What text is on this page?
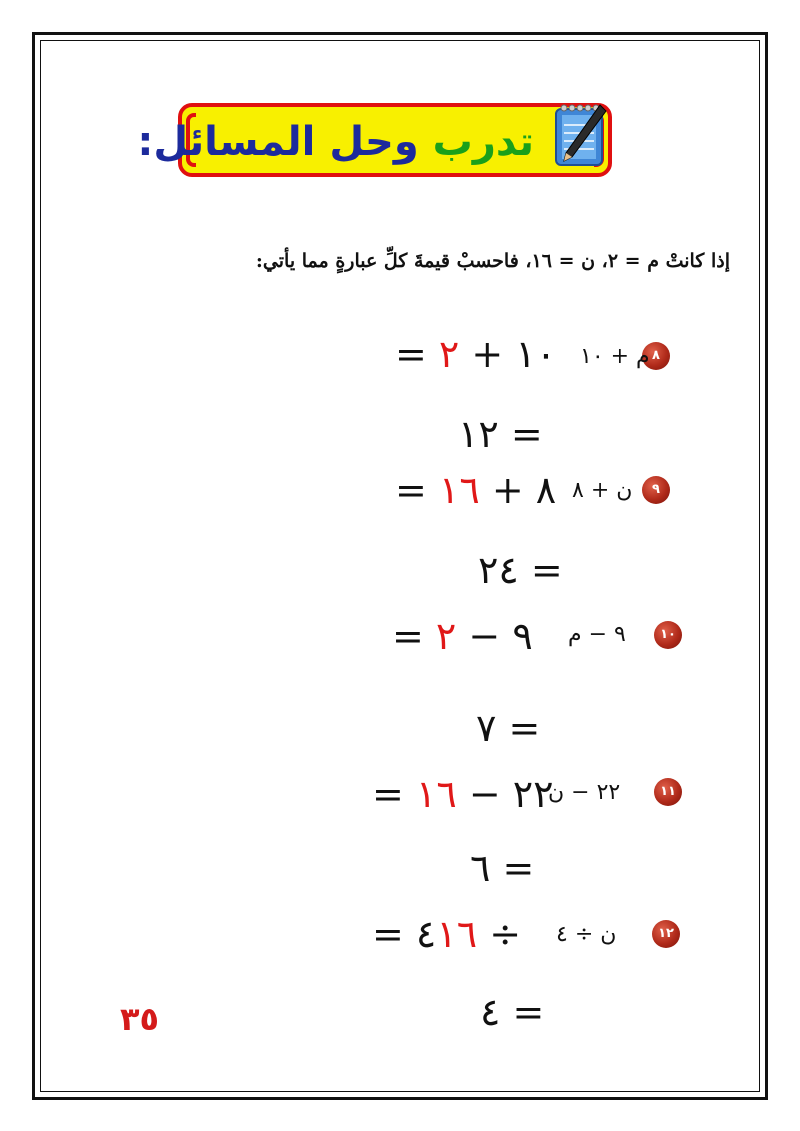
تدرب وحل المسائل:
إذا كانتْ م = ٢، ن = ١٦، فاحسبْ قيمةَ كلِّ عبارةٍ مما يأتي:
٨
م + ١٠
١٠ + ٢ =
= ١٢
٩
ن + ٨
٨ + ١٦ =
= ٢٤
١٠
٩ − م
٩ − ٢ =
= ٧
١١
٢٢ − ن
٢٢ − ١٦ =
= ٦
١٢
ن ÷ ٤
÷ ٤١٦ =
= ٤
٣٥
